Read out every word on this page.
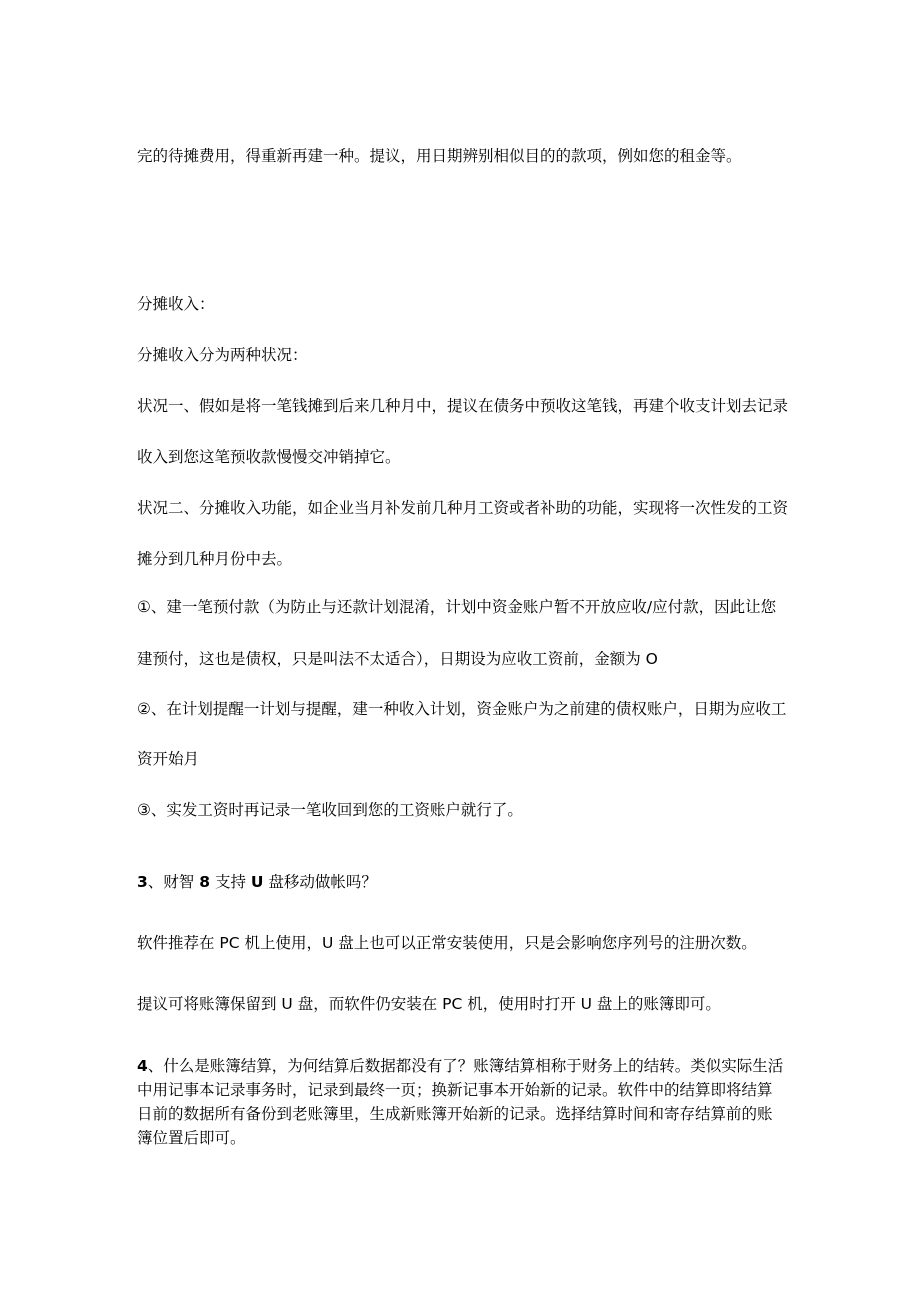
完的待摊费用，得重新再建一种。提议，用日期辨别相似目的的款项，例如您的租金等。

分摊收入：

分摊收入分为两种状况：

状况一、假如是将一笔钱摊到后来几种月中，提议在债务中预收这笔钱，再建个收支计划去记录

收入到您这笔预收款慢慢交冲销掉它。

状况二、分摊收入功能，如企业当月补发前几种月工资或者补助的功能，实现将一次性发的工资

摊分到几种月份中去。

①、建一笔预付款（为防止与还款计划混淆，计划中资金账户暂不开放应收/应付款，因此让您

建预付，这也是债权，只是叫法不太适合），日期设为应收工资前，金额为 O

②、在计划提醒一计划与提醒，建一种收入计划，资金账户为之前建的债权账户，日期为应收工

资开始月

③、实发工资时再记录一笔收回到您的工资账户就行了。

3、财智 8 支持 U 盘移动做帐吗？

软件推荐在 PC 机上使用，U 盘上也可以正常安装使用，只是会影响您序列号的注册次数。

提议可将账簿保留到 U 盘，而软件仍安装在 PC 机，使用时打开 U 盘上的账簿即可。

4、什么是账簿结算，为何结算后数据都没有了？账簿结算相称于财务上的结转。类似实际生活

中用记事本记录事务时，记录到最终一页；换新记事本开始新的记录。软件中的结算即将结算

日前的数据所有备份到老账簿里，生成新账簿开始新的记录。选择结算时间和寄存结算前的账

簿位置后即可。
